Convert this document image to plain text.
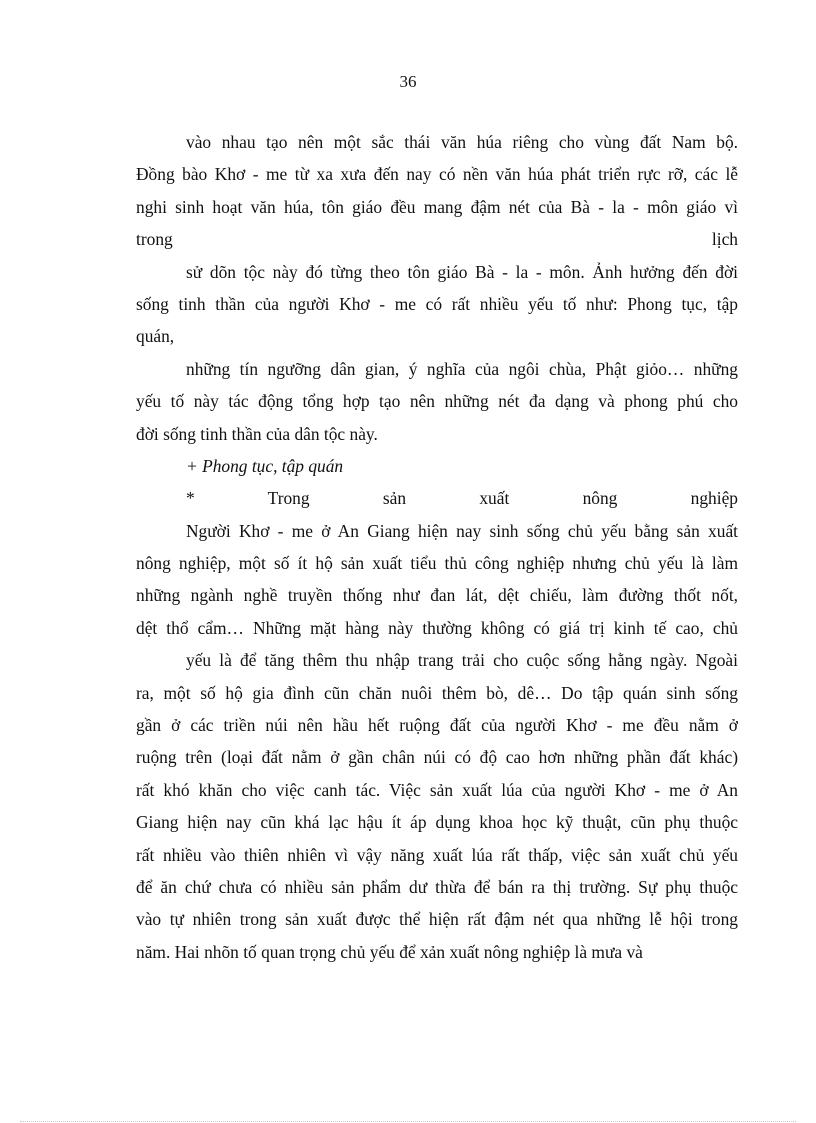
36
vào nhau tạo nên một sắc thái văn húa riêng cho vùng đất Nam bộ.
Đồng bào Khơ - me từ xa xưa đến nay có nền văn húa phát triển rực rỡ, các lễ
nghi sinh hoạt văn húa, tôn giáo đều mang đậm nét của Bà - la - môn giáo vì
trong lịch
sử dõn tộc này đó từng theo tôn giáo Bà - la - môn. Ảnh hưởng đến đời
sống tinh thần của người Khơ - me có rất nhiều yếu tố như: Phong tục, tập
quán,
những tín ngưỡng dân gian, ý nghĩa của ngôi chùa, Phật giỏo… những
yếu tố này tác động tổng hợp tạo nên những nét đa dạng và phong phú cho
đời sống tinh thần của dân tộc này.
+ Phong tục, tập quán
* Trong sản xuất nông nghiệp
Người Khơ - me ở An Giang hiện nay sinh sống chủ yếu bằng sản xuất
nông nghiệp, một số ít hộ sản xuất tiểu thủ công nghiệp nhưng chủ yếu là làm
những ngành nghề truyền thống như đan lát, dệt chiếu, làm đường thốt nốt,
dệt thổ cẩm… Những mặt hàng này thường không có giá trị kinh tế cao, chủ
yếu là để tăng thêm thu nhập trang trải cho cuộc sống hằng ngày. Ngoài
ra, một số hộ gia đình cũn chăn nuôi thêm bò, dê… Do tập quán sinh sống
gần ở các triền núi nên hầu hết ruộng đất của người Khơ - me đều nằm ở
ruộng trên (loại đất nằm ở gần chân núi có độ cao hơn những phần đất khác)
rất khó khăn cho việc canh tác. Việc sản xuất lúa của người Khơ - me ở An
Giang hiện nay cũn khá lạc hậu ít áp dụng khoa học kỹ thuật, cũn phụ thuộc
rất nhiều vào thiên nhiên vì vậy năng xuất lúa rất thấp, việc sản xuất chủ yếu
để ăn chứ chưa có nhiều sản phẩm dư thừa để bán ra thị trường. Sự phụ thuộc
vào tự nhiên trong sản xuất được thể hiện rất đậm nét qua những lễ hội trong
năm. Hai nhõn tố quan trọng chủ yếu để xản xuất nông nghiệp là mưa và
